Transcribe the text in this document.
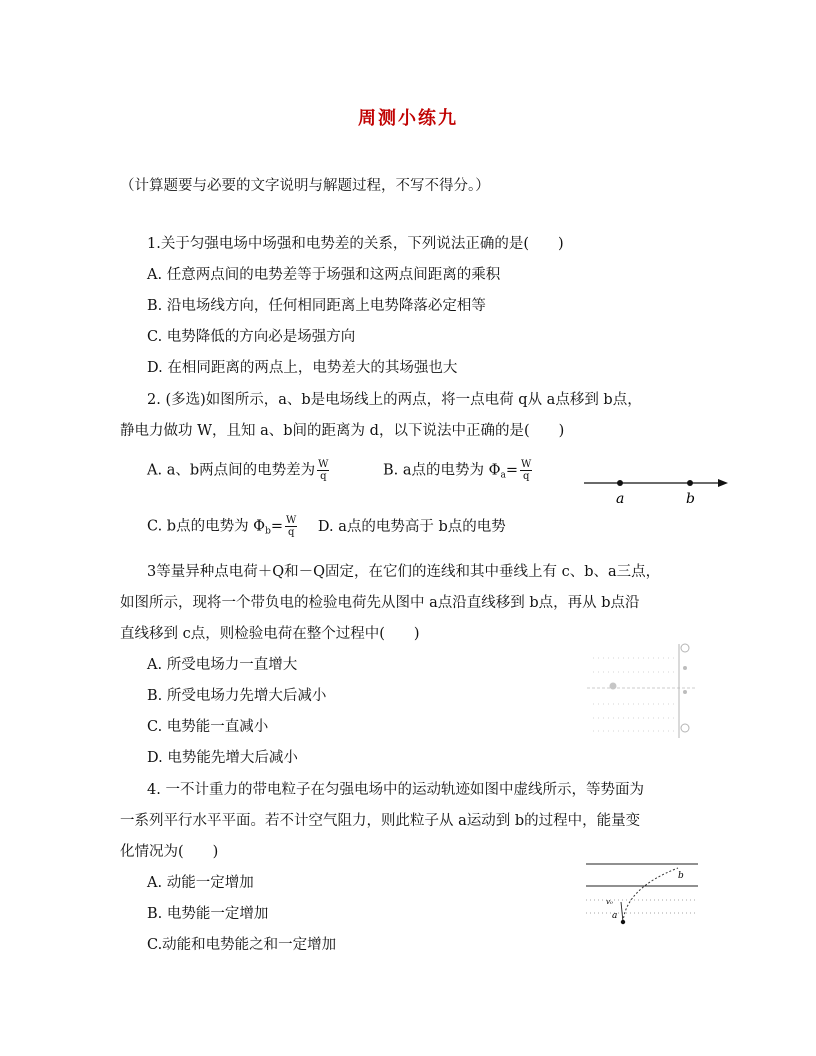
周测小练九
（计算题要与必要的文字说明与解题过程，不写不得分。）
1.关于匀强电场中场强和电势差的关系，下列说法正确的是(　　)
A. 任意两点间的电势差等于场强和这两点间距离的乘积
B. 沿电场线方向，任何相同距离上电势降落必定相等
C. 电势降低的方向必是场强方向
D. 在相同距离的两点上，电势差大的其场强也大
2. (多选)如图所示，a、b是电场线上的两点，将一点电荷 q从 a点移到 b点，
静电力做功 W，且知 a、b间的距离为 d，以下说法中正确的是(　　)
A. a、b两点间的电势差为 $\frac{W}{q}$	B. a点的电势为 $\Phi_a= \frac{W}{q}$
C. b点的电势为 $\Phi_b= \frac{W}{q} D$. a点的电势高于 b点的电势
a	b
3等量异种点电荷＋Q和－Q固定，在它们的连线和其中垂线上有 c、b、a三点，
如图所示，现将一个带负电的检验电荷先从图中 a点沿直线移到 b点，再从 b点沿
直线移到 c点，则检验电荷在整个过程中(　　)
A. 所受电场力一直增大
B. 所受电场力先增大后减小
C. 电势能一直减小
D. 电势能先增大后减小
4. 一不计重力的带电粒子在匀强电场中的运动轨迹如图中虚线所示，等势面为
一系列平行水平平面。若不计空气阻力，则此粒子从 a运动到 b的过程中，能量变
化情况为(　　)
A. 动能一定增加
B. 电势能一定增加
C.动能和电势能之和一定增加
a
b
v₀
